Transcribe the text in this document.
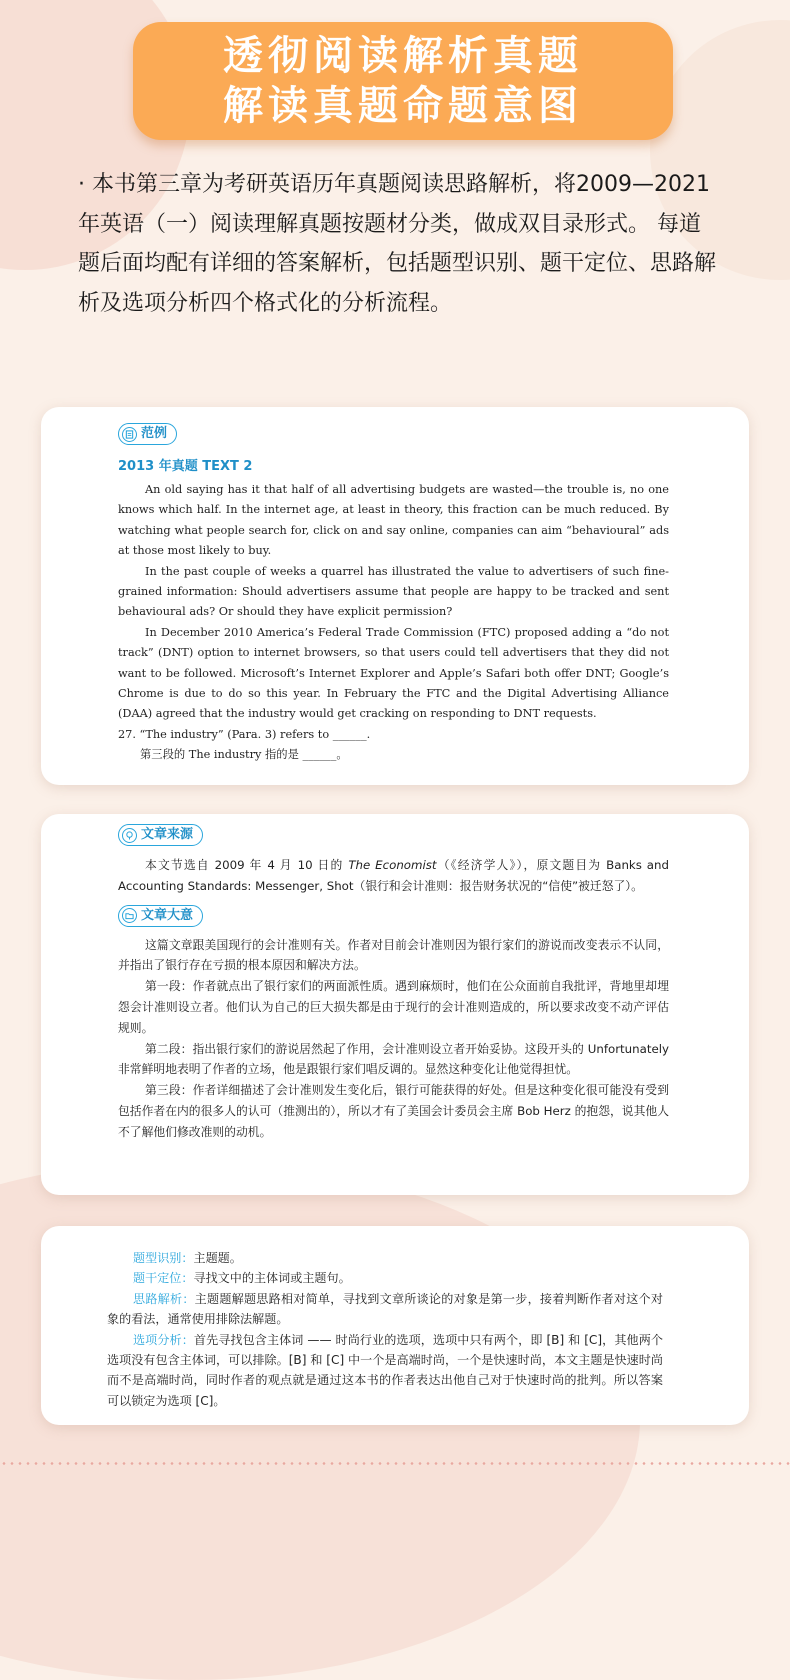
透彻阅读解析真题
解读真题命题意图

· 本书第三章为考研英语历年真题阅读思路解析，将2009—2021年英语（一）阅读理解真题按题材分类，做成双目录形式。 每道题后面均配有详细的答案解析，包括题型识别、题干定位、思路解析及选项分析四个格式化的分析流程。

范例
2013 年真题 TEXT 2

An old saying has it that half of all advertising budgets are wasted—the trouble is, no one knows which half. In the internet age, at least in theory, this fraction can be much reduced. By watching what people search for, click on and say online, companies can aim “behavioural” ads at those most likely to buy.

In the past couple of weeks a quarrel has illustrated the value to advertisers of such fine-grained information: Should advertisers assume that people are happy to be tracked and sent behavioural ads? Or should they have explicit permission?

In December 2010 America’s Federal Trade Commission (FTC) proposed adding a “do not track” (DNT) option to internet browsers, so that users could tell advertisers that they did not want to be followed. Microsoft’s Internet Explorer and Apple’s Safari both offer DNT; Google’s Chrome is due to do so this year. In February the FTC and the Digital Advertising Alliance (DAA) agreed that the industry would get cracking on responding to DNT requests.

27. “The industry” (Para. 3) refers to ______.

第三段的 The industry 指的是 ______。

文章来源

本文节选自 2009 年 4 月 10 日的 The Economist（《经济学人》），原文题目为 Banks and Accounting Standards: Messenger, Shot（银行和会计准则：报告财务状况的“信使”被迁怒了）。

文章大意

这篇文章跟美国现行的会计准则有关。作者对目前会计准则因为银行家们的游说而改变表示不认同，并指出了银行存在亏损的根本原因和解决方法。

第一段：作者就点出了银行家们的两面派性质。遇到麻烦时，他们在公众面前自我批评，背地里却埋怨会计准则设立者。他们认为自己的巨大损失都是由于现行的会计准则造成的，所以要求改变不动产评估规则。

第二段：指出银行家们的游说居然起了作用，会计准则设立者开始妥协。这段开头的 Unfortunately 非常鲜明地表明了作者的立场，他是跟银行家们唱反调的。显然这种变化让他觉得担忧。

第三段：作者详细描述了会计准则发生变化后，银行可能获得的好处。但是这种变化很可能没有受到包括作者在内的很多人的认可（推测出的），所以才有了美国会计委员会主席 Bob Herz 的抱怨，说其他人不了解他们修改准则的动机。

题型识别：主题题。

题干定位：寻找文中的主体词或主题句。

思路解析：主题题解题思路相对简单，寻找到文章所谈论的对象是第一步，接着判断作者对这个对象的看法，通常使用排除法解题。

选项分析：首先寻找包含主体词 —— 时尚行业的选项，选项中只有两个，即 [B] 和 [C]，其他两个选项没有包含主体词，可以排除。[B] 和 [C] 中一个是高端时尚，一个是快速时尚，本文主题是快速时尚而不是高端时尚，同时作者的观点就是通过这本书的作者表达出他自己对于快速时尚的批判。所以答案可以锁定为选项 [C]。
